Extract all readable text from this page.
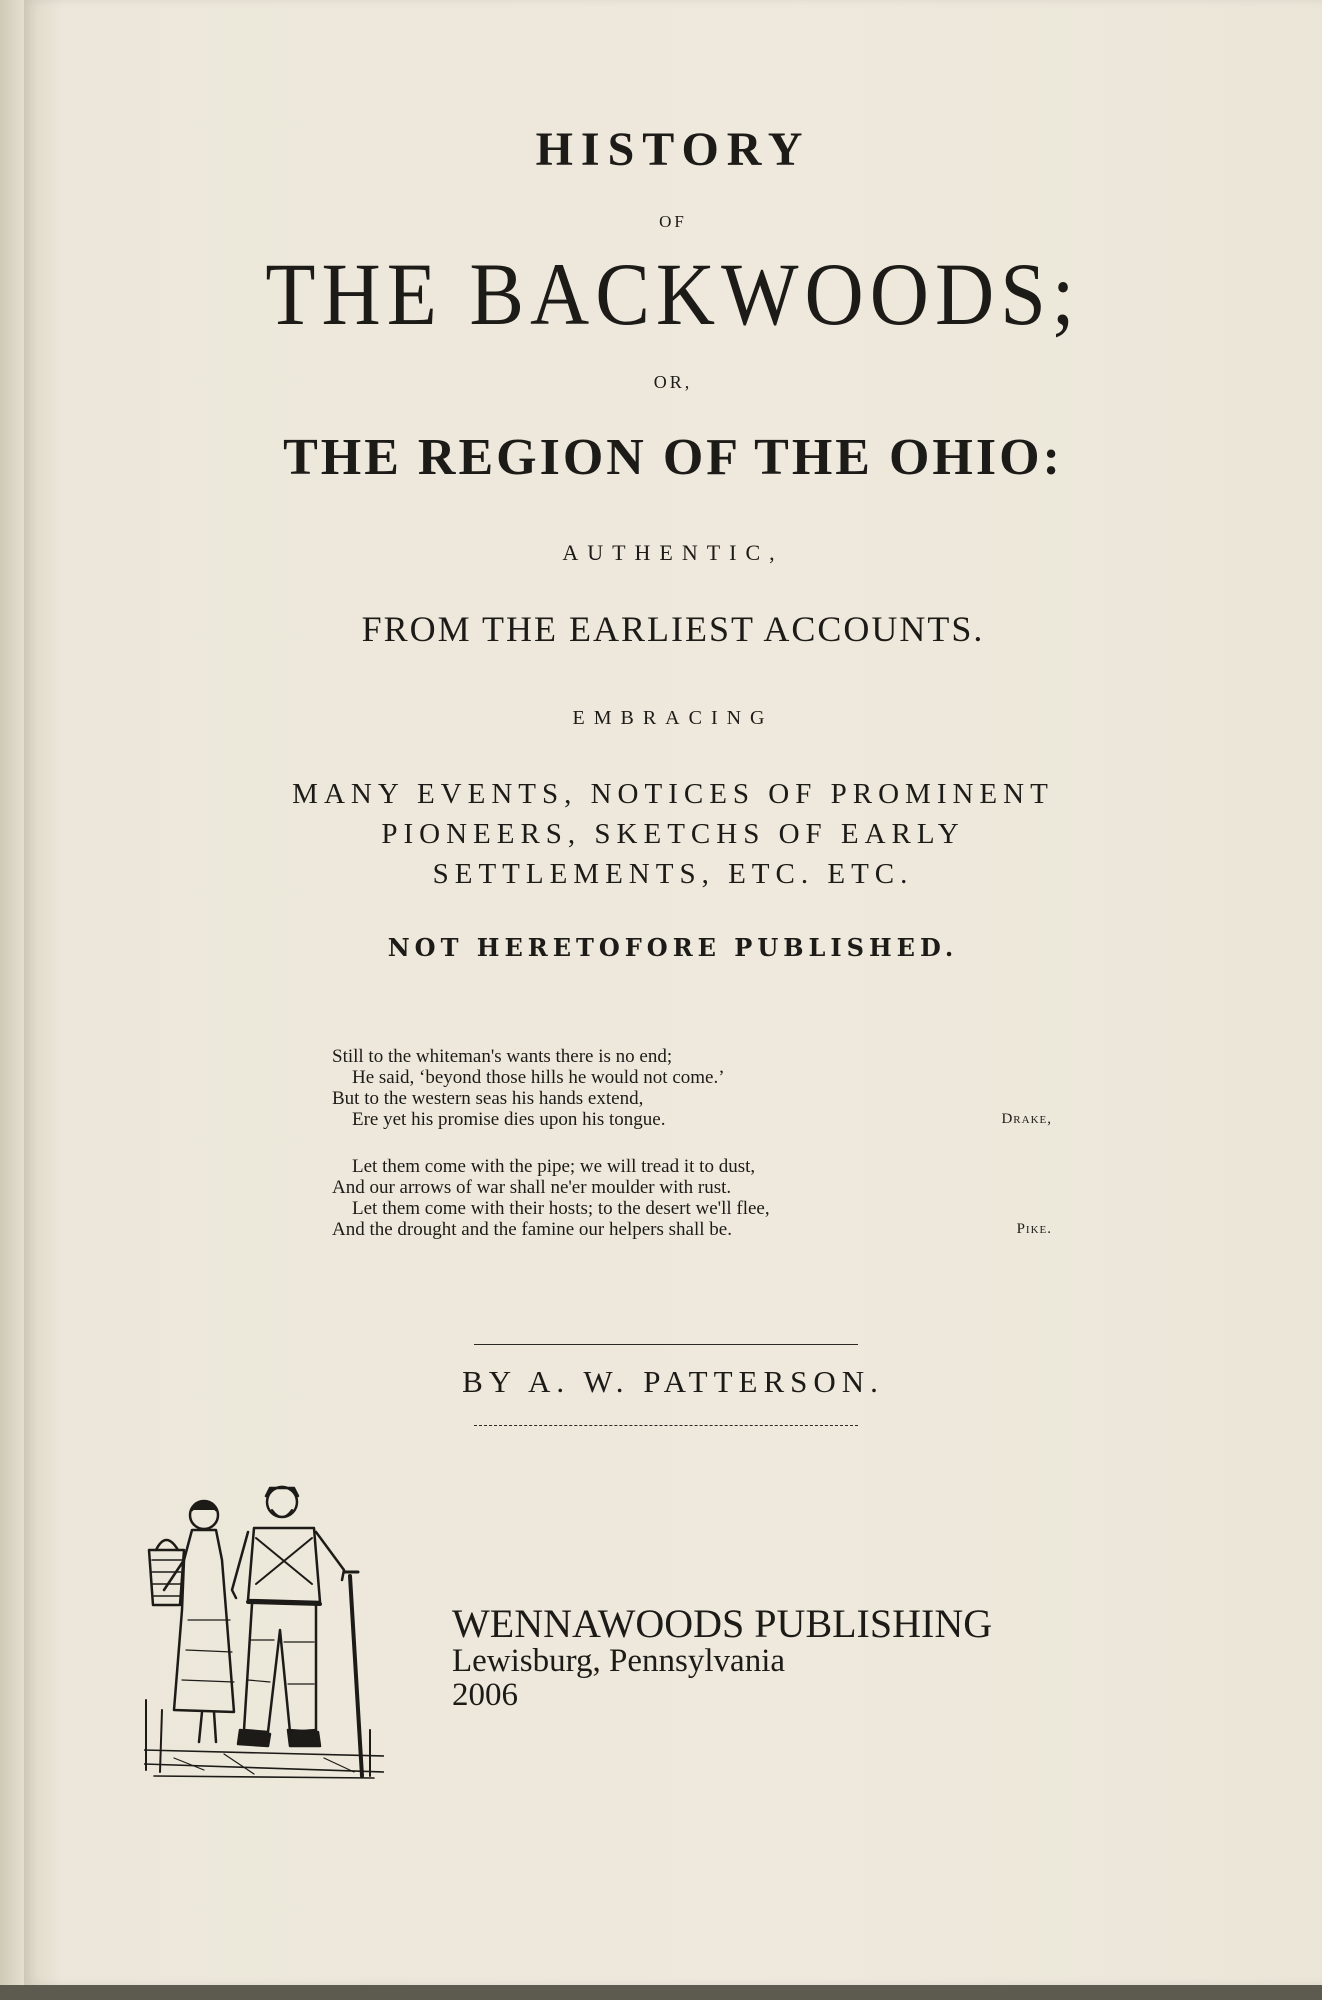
HISTORY
OF
THE BACKWOODS;
OR,
THE REGION OF THE OHIO:
AUTHENTIC,
FROM THE EARLIEST ACCOUNTS.
EMBRACING
MANY EVENTS, NOTICES OF PROMINENT
PIONEERS, SKETCHS OF EARLY
SETTLEMENTS, ETC. ETC.
NOT HERETOFORE PUBLISHED.
Still to the whiteman's wants there is no end;
He said, ‘beyond those hills he would not come.’
But to the western seas his hands extend,
Ere yet his promise dies upon his tongue.	Drake,
Let them come with the pipe; we will tread it to dust,
And our arrows of war shall ne'er moulder with rust.
Let them come with their hosts; to the desert we'll flee,
And the drought and the famine our helpers shall be.	Pike.
BY A. W. PATTERSON.
WENNAWOODS PUBLISHING
Lewisburg, Pennsylvania
2006
